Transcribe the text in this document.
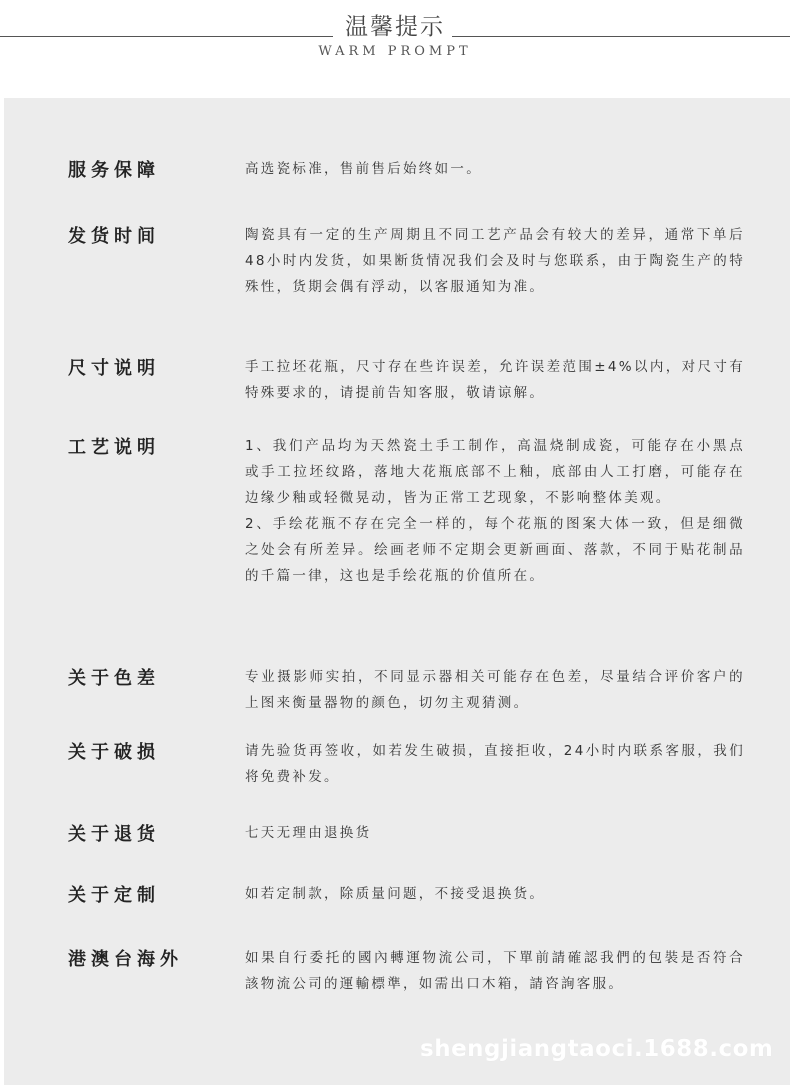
温馨提示
WARM PROMPT
服务保障	高选瓷标准，售前售后始终如一。
发货时间	陶瓷具有一定的生产周期且不同工艺产品会有较大的差异，通常下单后48小时内发货，如果断货情况我们会及时与您联系，由于陶瓷生产的特殊性，货期会偶有浮动，以客服通知为准。
尺寸说明	手工拉坯花瓶，尺寸存在些许误差，允许误差范围±4%以内，对尺寸有特殊要求的，请提前告知客服，敬请谅解。
工艺说明	1、我们产品均为天然瓷土手工制作，高温烧制成瓷，可能存在小黑点或手工拉坯纹路，落地大花瓶底部不上釉，底部由人工打磨，可能存在边缘少釉或轻微晃动，皆为正常工艺现象，不影响整体美观。
2、手绘花瓶不存在完全一样的，每个花瓶的图案大体一致，但是细微之处会有所差异。绘画老师不定期会更新画面、落款，不同于贴花制品的千篇一律，这也是手绘花瓶的价值所在。
关于色差	专业摄影师实拍，不同显示器相关可能存在色差，尽量结合评价客户的上图来衡量器物的颜色，切勿主观猜测。
关于破损	请先验货再签收，如若发生破损，直接拒收，24小时内联系客服，我们将免费补发。
关于退货	七天无理由退换货
关于定制	如若定制款，除质量问题，不接受退换货。
港澳台海外	如果自行委托的國內轉運物流公司，下單前請確認我們的包裝是否符合該物流公司的運輸標準，如需出口木箱，請咨詢客服。
shengjiangtaoci.1688.com
